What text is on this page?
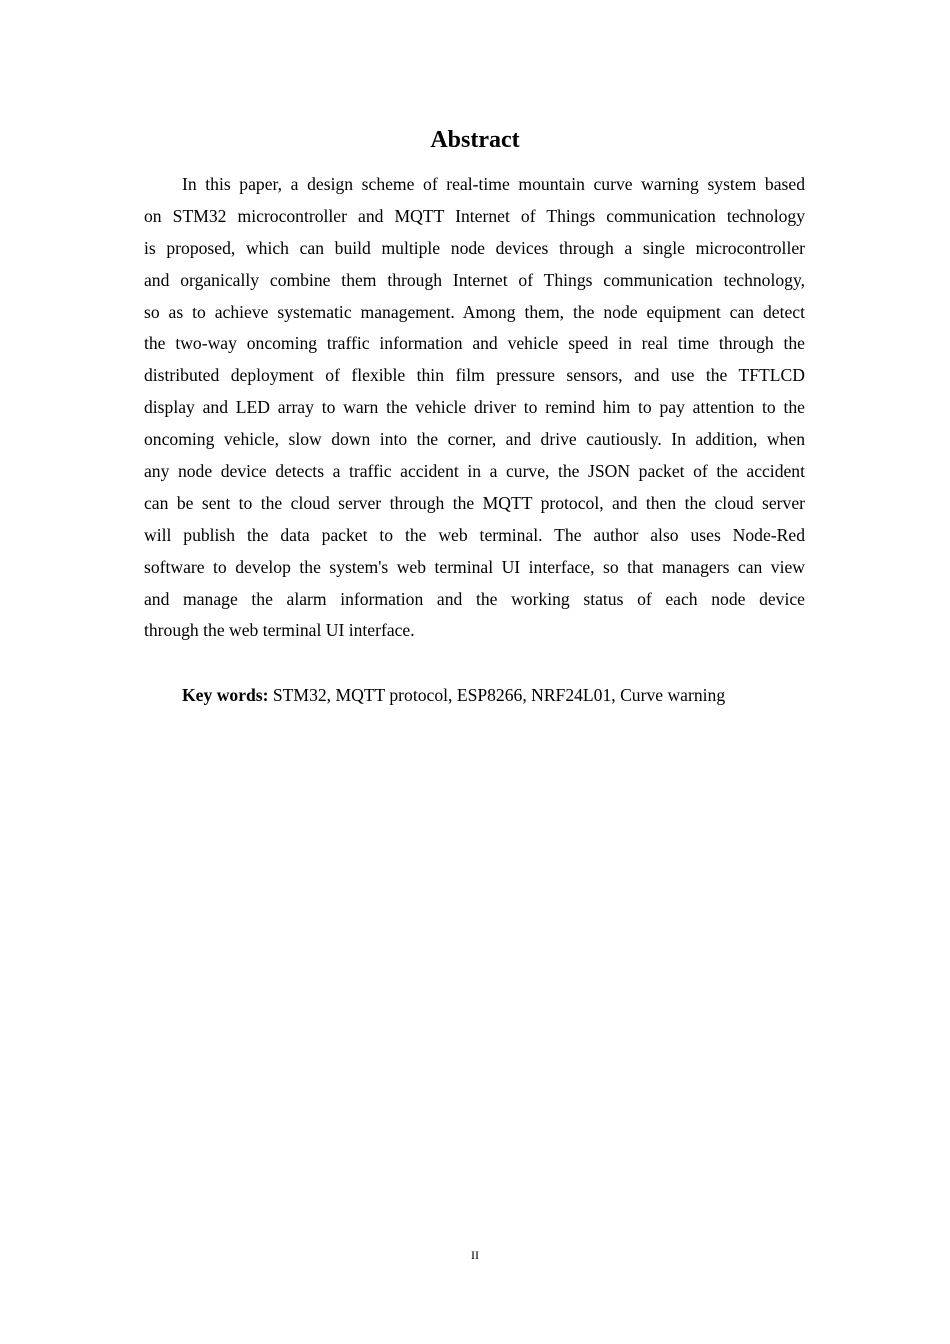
Abstract
In this paper, a design scheme of real-time mountain curve warning system based
on STM32 microcontroller and MQTT Internet of Things communication technology
is proposed, which can build multiple node devices through a single microcontroller
and organically combine them through Internet of Things communication technology,
so as to achieve systematic management. Among them, the node equipment can detect
the two-way oncoming traffic information and vehicle speed in real time through the
distributed deployment of flexible thin film pressure sensors, and use the TFTLCD
display and LED array to warn the vehicle driver to remind him to pay attention to the
oncoming vehicle, slow down into the corner, and drive cautiously. In addition, when
any node device detects a traffic accident in a curve, the JSON packet of the accident
can be sent to the cloud server through the MQTT protocol, and then the cloud server
will publish the data packet to the web terminal. The author also uses Node-Red
software to develop the system's web terminal UI interface, so that managers can view
and manage the alarm information and the working status of each node device
through the web terminal UI interface.
Key words: STM32, MQTT protocol, ESP8266, NRF24L01, Curve warning
II
